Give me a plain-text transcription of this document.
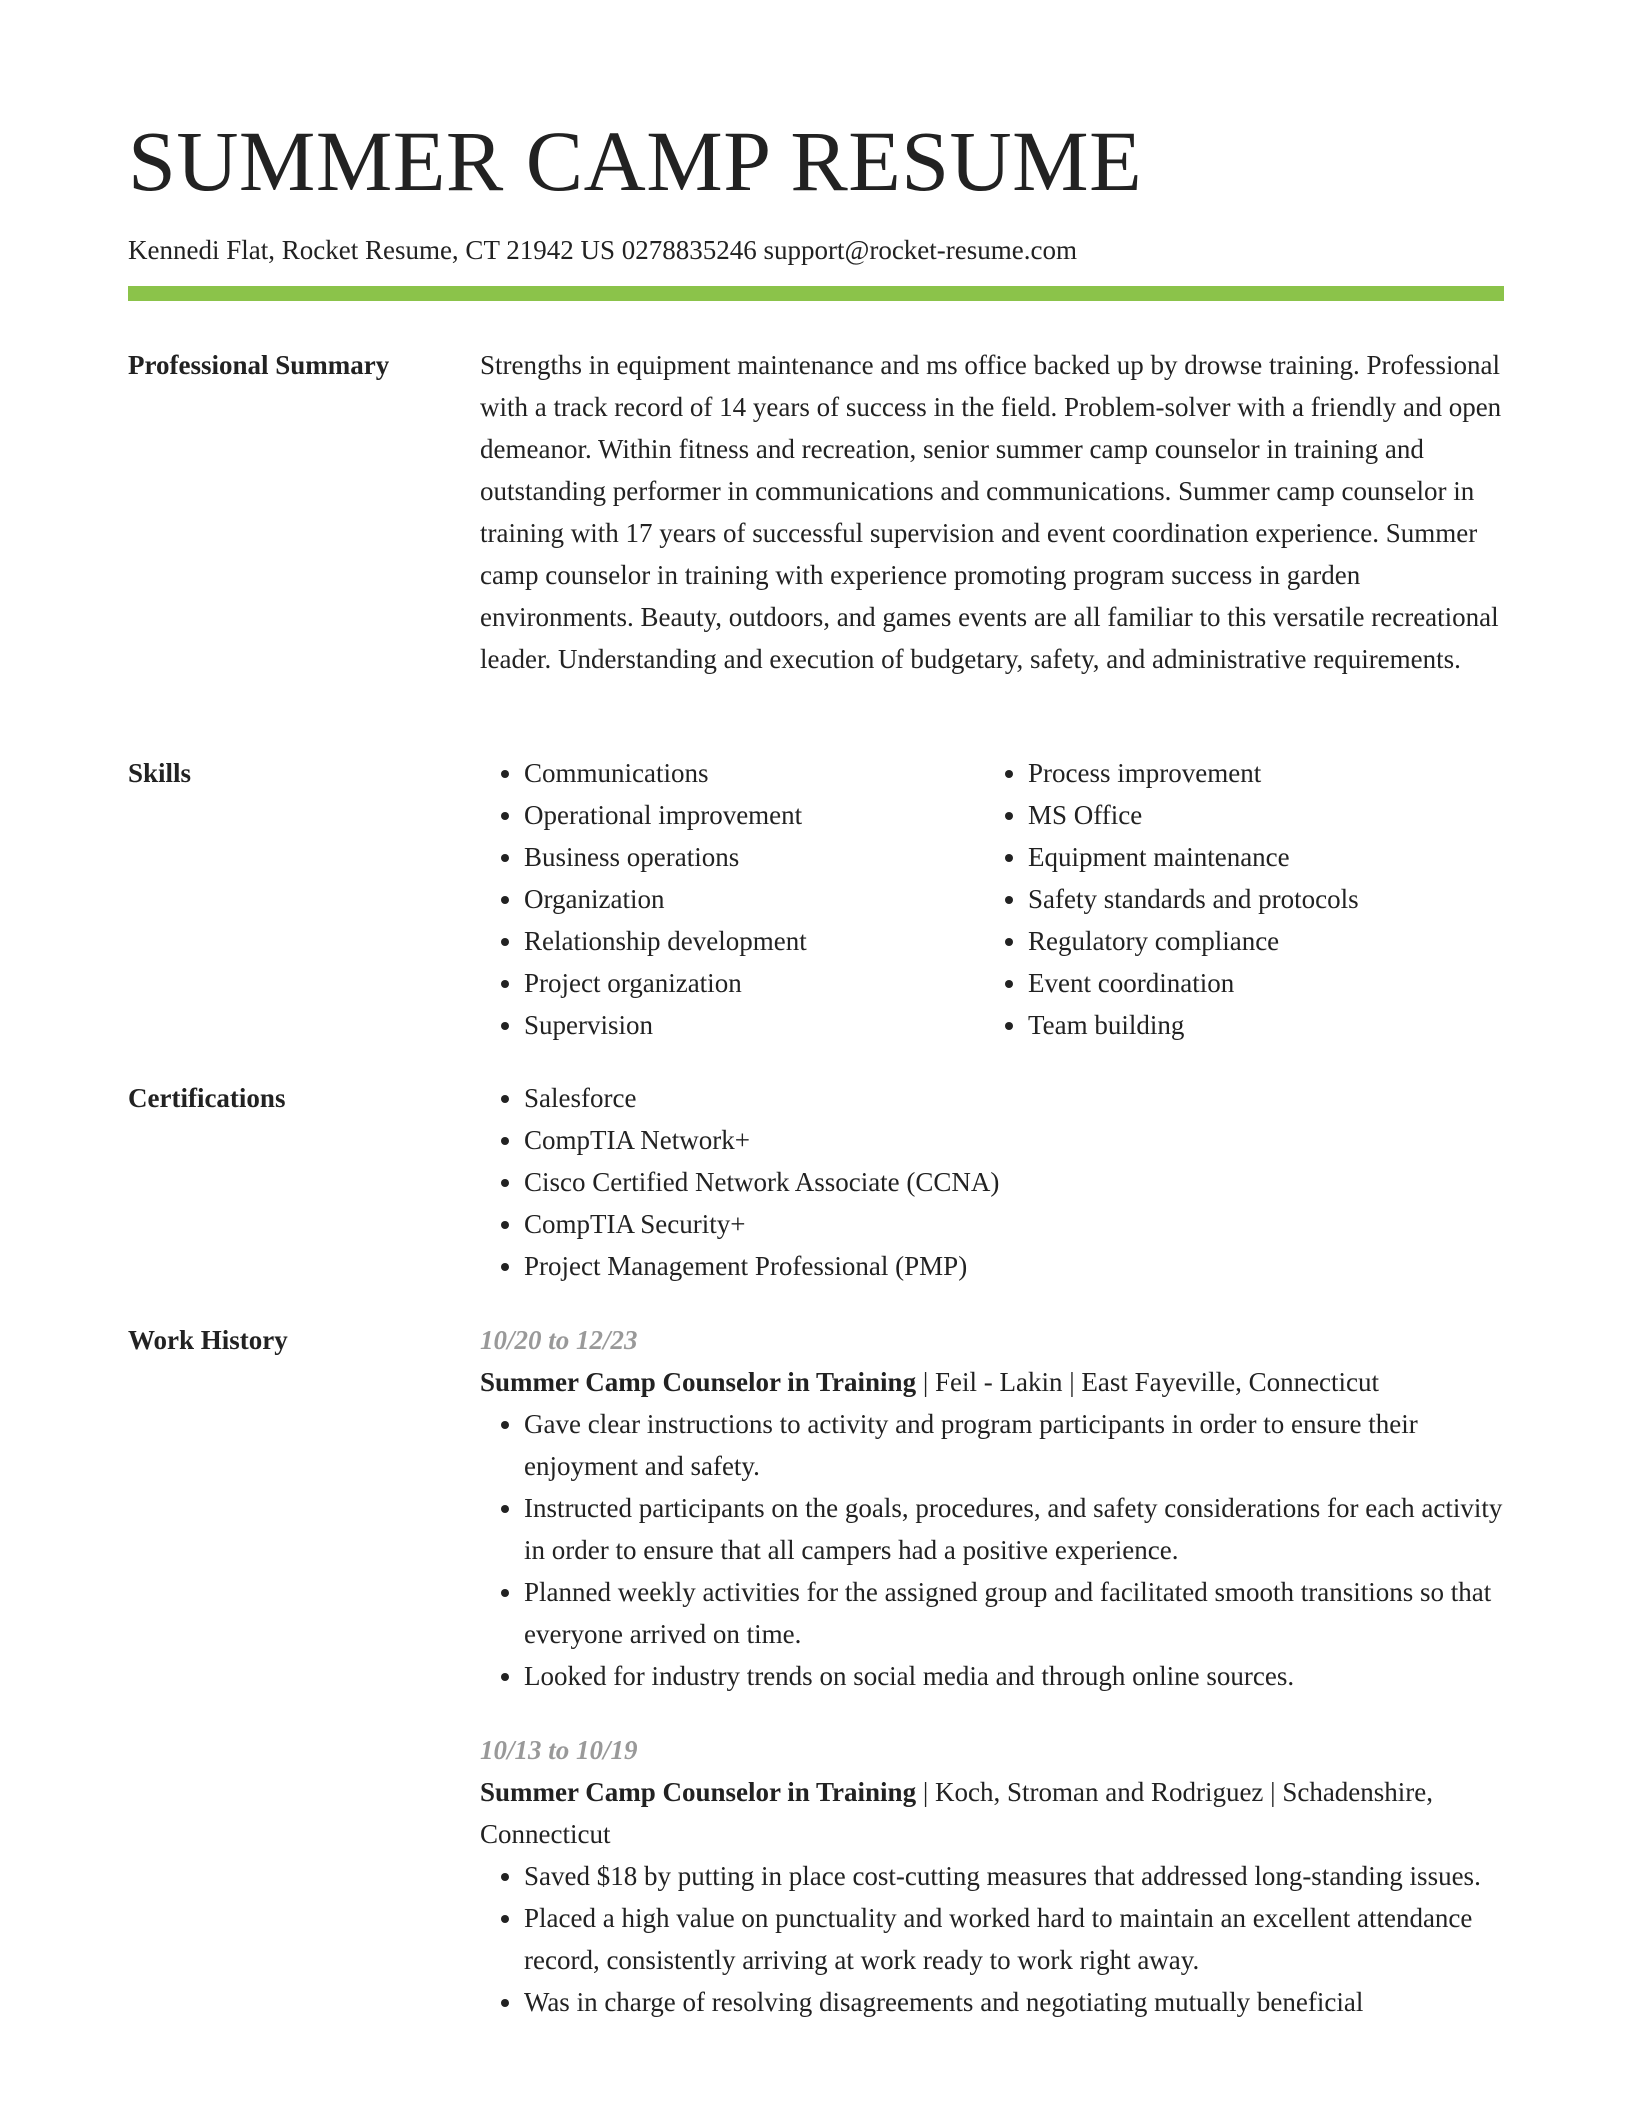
SUMMER CAMP RESUME
Kennedi Flat, Rocket Resume, CT 21942 US 0278835246 support@rocket-resume.com
Professional Summary	Strengths in equipment maintenance and ms office backed up by drowse training. Professional with a track record of 14 years of success in the field. Problem-solver with a friendly and open demeanor. Within fitness and recreation, senior summer camp counselor in training and outstanding performer in communications and communications. Summer camp counselor in training with 17 years of successful supervision and event coordination experience. Summer camp counselor in training with experience promoting program success in garden environments. Beauty, outdoors, and games events are all familiar to this versatile recreational leader. Understanding and execution of budgetary, safety, and administrative requirements.

Skills	• Communications
• Operational improvement
• Business operations
• Organization
• Relationship development
• Project organization
• Supervision
• Process improvement
• MS Office
• Equipment maintenance
• Safety standards and protocols
• Regulatory compliance
• Event coordination
• Team building
Certifications	• Salesforce
• CompTIA Network+
• Cisco Certified Network Associate (CCNA)
• CompTIA Security+
• Project Management Professional (PMP)
Work History	10/20 to 12/23
Summer Camp Counselor in Training | Feil - Lakin | East Fayeville, Connecticut
• Gave clear instructions to activity and program participants in order to ensure their enjoyment and safety.
• Instructed participants on the goals, procedures, and safety considerations for each activity in order to ensure that all campers had a positive experience.
• Planned weekly activities for the assigned group and facilitated smooth transitions so that everyone arrived on time.
• Looked for industry trends on social media and through online sources.
10/13 to 10/19
Summer Camp Counselor in Training | Koch, Stroman and Rodriguez | Schadenshire, Connecticut
• Saved $18 by putting in place cost-cutting measures that addressed long-standing issues.
• Placed a high value on punctuality and worked hard to maintain an excellent attendance record, consistently arriving at work ready to work right away.
• Was in charge of resolving disagreements and negotiating mutually beneficial
